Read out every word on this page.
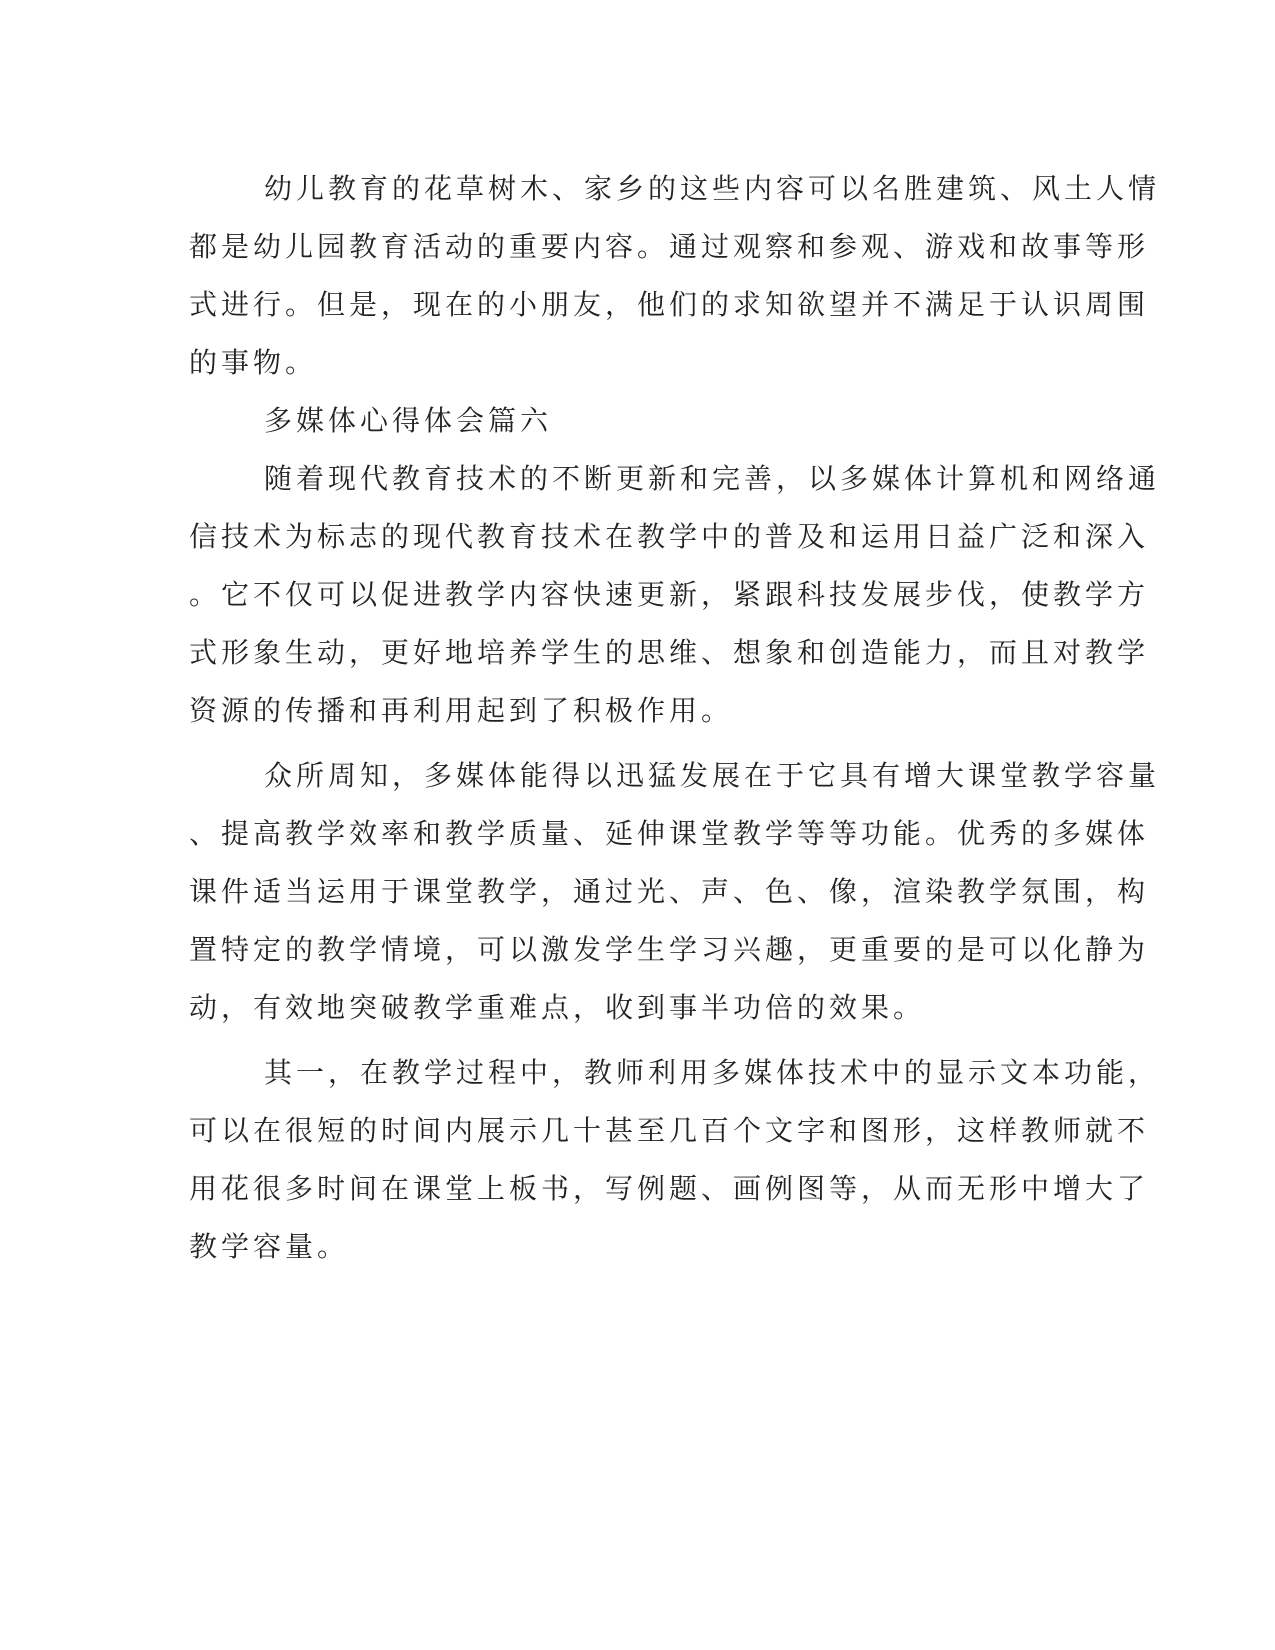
幼儿教育的花草树木、家乡的这些内容可以名胜建筑、风土人情
都是幼儿园教育活动的重要内容。通过观察和参观、游戏和故事等形
式进行。但是，现在的小朋友，他们的求知欲望并不满足于认识周围
的事物。
多媒体心得体会篇六
随着现代教育技术的不断更新和完善，以多媒体计算机和网络通
信技术为标志的现代教育技术在教学中的普及和运用日益广泛和深入
。它不仅可以促进教学内容快速更新，紧跟科技发展步伐，使教学方
式形象生动，更好地培养学生的思维、想象和创造能力，而且对教学
资源的传播和再利用起到了积极作用。
众所周知，多媒体能得以迅猛发展在于它具有增大课堂教学容量
、提高教学效率和教学质量、延伸课堂教学等等功能。优秀的多媒体
课件适当运用于课堂教学，通过光、声、色、像，渲染教学氛围，构
置特定的教学情境，可以激发学生学习兴趣，更重要的是可以化静为
动，有效地突破教学重难点，收到事半功倍的效果。
其一，在教学过程中，教师利用多媒体技术中的显示文本功能，
可以在很短的时间内展示几十甚至几百个文字和图形，这样教师就不
用花很多时间在课堂上板书，写例题、画例图等，从而无形中增大了
教学容量。
